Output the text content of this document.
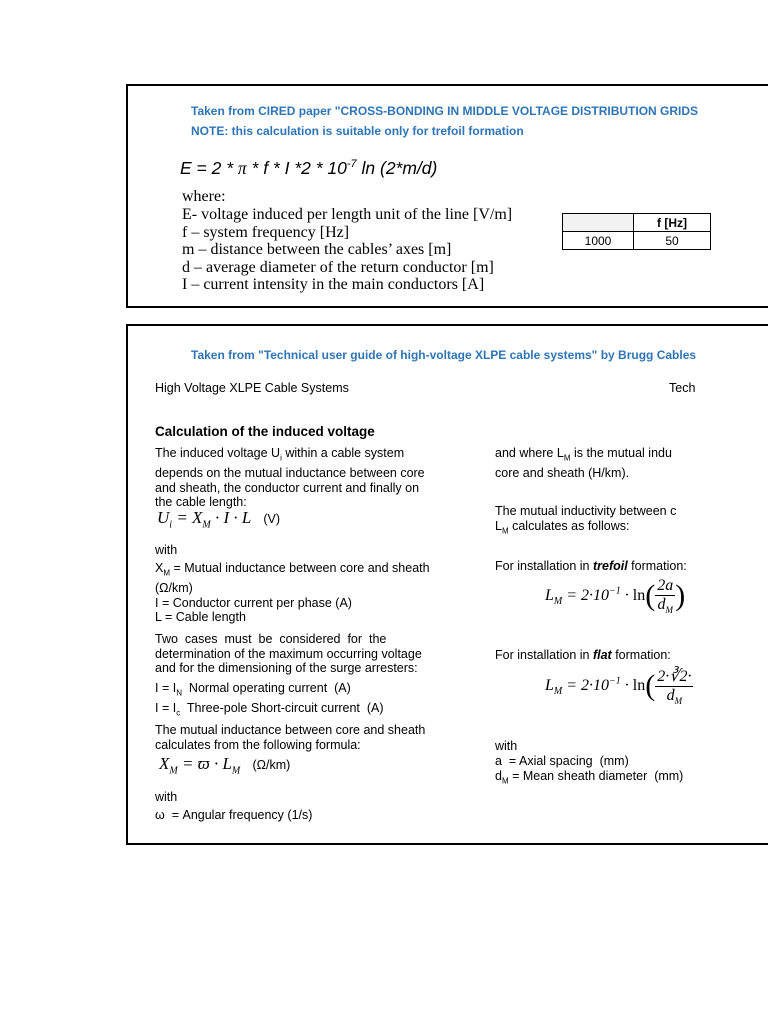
Taken from CIRED paper "CROSS-BONDING IN MIDDLE VOLTAGE DISTRIBUTION GRIDS
NOTE: this calculation is suitable only for trefoil formation
E = 2 * π * f * I $*2 * 10^{-7}$ ln (2*m/d)
where:
E- voltage induced per length unit of the line [V/m]
f – system frequency [Hz]
m – distance between the cables’ axes [m]
d – average diameter of the return conductor [m]
I – current intensity in the main conductors [A]
	f [Hz]
1000	50
Taken from "Technical user guide of high-voltage XLPE cable systems" by Brugg Cables
High Voltage XLPE Cable Systems	Tech
Calculation of the induced voltage
The induced voltage $U_i$ within a cable system
depends on the mutual inductance between core
and sheath, the conductor current and finally on
the cable length:
$U_i = X_M \cdot I \cdot L$ (V)
with
$X_M$ = Mutual inductance between core and sheath
(Ω/km)
I = Conductor current per phase (A)
L = Cable length
Two  cases  must  be  considered  for  the
determination of the maximum occurring voltage
and for the dimensioning of the surge arresters:
$I = I_N$  Normal operating current  (A)
$I = I_c$  Three-pole Short-circuit current  (A)
The mutual inductance between core and sheath
calculates from the following formula:
$X_M = ϖ \cdot L_M$ (Ω/km)
with
ω  = Angular frequency (1/s)
and where $L_M$ is the mutual indu
core and sheath (H/km).
The mutual inductivity between c
$L_M$ calculates as follows:
For installation in trefoil formation:
$L_M = 2\cdot 10^{-1} \cdot \ln( \frac{2a}{d_M}$ )
For installation in flat formation:
$L_M = 2\cdot 10^{-1} \cdot \ln( \frac{2\cdot∛2\cdot}{d_M}$
with
a  = Axial spacing  (mm)
$d_M$ = Mean sheath diameter  (mm)
